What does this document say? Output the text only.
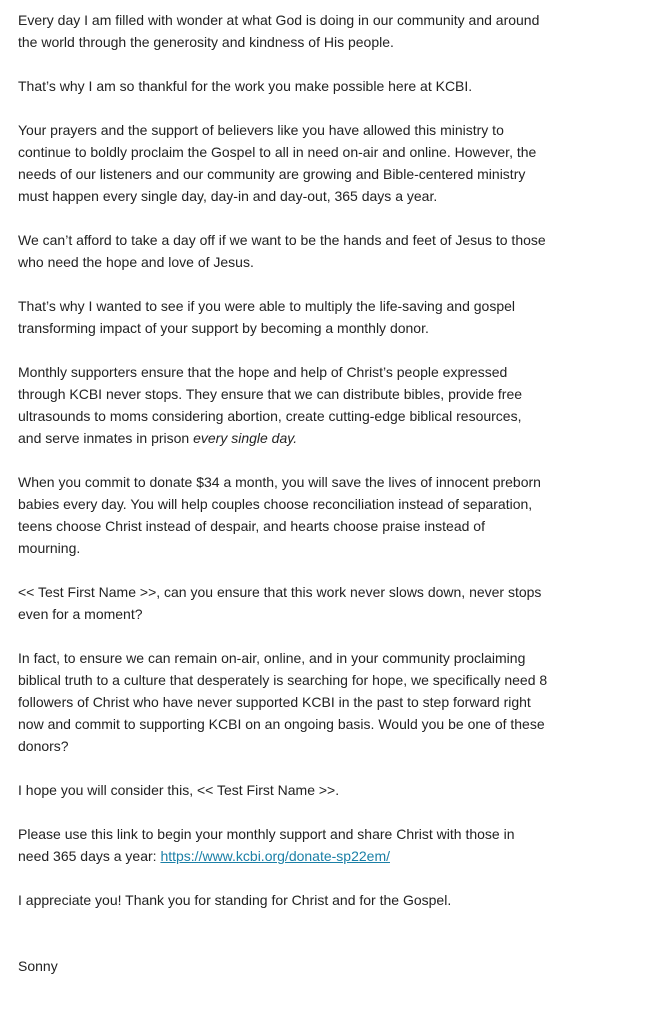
Every day I am filled with wonder at what God is doing in our community and around the world through the generosity and kindness of His people.

That’s why I am so thankful for the work you make possible here at KCBI.

Your prayers and the support of believers like you have allowed this ministry to continue to boldly proclaim the Gospel to all in need on-air and online. However, the needs of our listeners and our community are growing and Bible-centered ministry must happen every single day, day-in and day-out, 365 days a year.

We can’t afford to take a day off if we want to be the hands and feet of Jesus to those who need the hope and love of Jesus.

That’s why I wanted to see if you were able to multiply the life-saving and gospel transforming impact of your support by becoming a monthly donor.

Monthly supporters ensure that the hope and help of Christ’s people expressed through KCBI never stops. They ensure that we can distribute bibles, provide free ultrasounds to moms considering abortion, create cutting-edge biblical resources, and serve inmates in prison every single day.

When you commit to donate $34 a month, you will save the lives of innocent preborn babies every day. You will help couples choose reconciliation instead of separation, teens choose Christ instead of despair, and hearts choose praise instead of mourning.

<< Test First Name >>, can you ensure that this work never slows down, never stops even for a moment?

In fact, to ensure we can remain on-air, online, and in your community proclaiming biblical truth to a culture that desperately is searching for hope, we specifically need 8 followers of Christ who have never supported KCBI in the past to step forward right now and commit to supporting KCBI on an ongoing basis. Would you be one of these donors?

I hope you will consider this, << Test First Name >>.

Please use this link to begin your monthly support and share Christ with those in need 365 days a year: https://www.kcbi.org/donate-sp22em/

I appreciate you! Thank you for standing for Christ and for the Gospel.

Sonny
